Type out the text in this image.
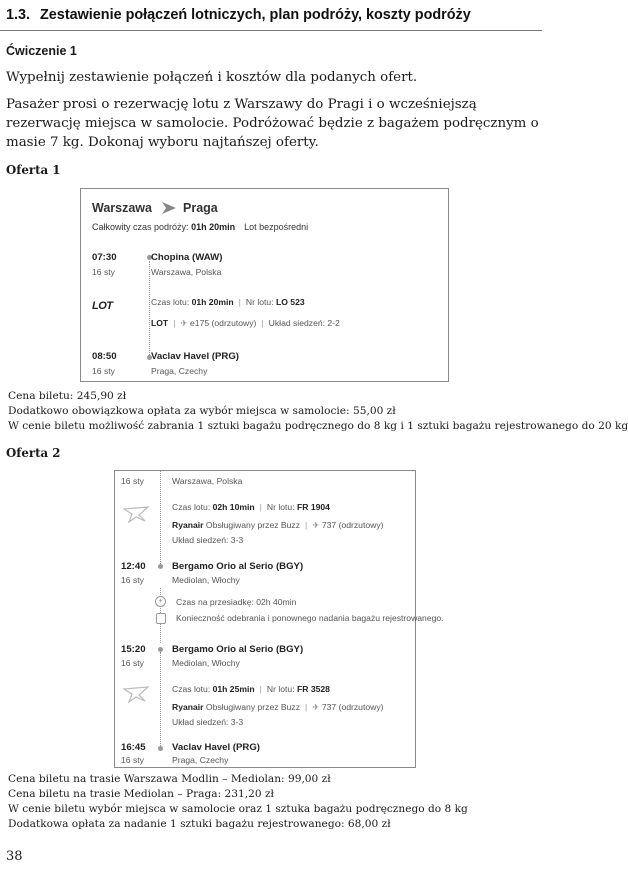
1.3. Zestawienie połączeń lotniczych, plan podróży, koszty podróży
Ćwiczenie 1
Wypełnij zestawienie połączeń i kosztów dla podanych ofert.
Pasażer prosi o rezerwację lotu z Warszawy do Pragi i o wcześniejszą rezerwację miejsca w samolocie. Podróżować będzie z bagażem podręcznym o masie 7 kg. Dokonaj wyboru najtańszej oferty.
Oferta 1
Warszawa Praga
Całkowity czas podróży: 01h 20min Lot bezpośredni
07:30
16 sty
Chopina (WAW)
Warszawa, Polska
LOT	Czas lotu: 01h 20min | Nr lotu: LO 523
LOT | ✈ e175 (odrzutowy) | Układ siedzeń: 2-2
08:50
16 sty
Vaclav Havel (PRG)
Praga, Czechy
Cena biletu: 245,90 zł
Dodatkowo obowiązkowa opłata za wybór miejsca w samolocie: 55,00 zł
W cenie biletu możliwość zabrania 1 sztuki bagażu podręcznego do 8 kg i 1 sztuki bagażu rejestrowanego do 20 kg
Oferta 2
16 sty	Warszawa, Polska
Czas lotu: 02h 10min | Nr lotu: FR 1904
Ryanair Obsługiwany przez Buzz | ✈ 737 (odrzutowy)
Układ siedzeń: 3-3
12:40
16 sty
Bergamo Orio al Serio (BGY)
Mediolan, Włochy
+	Czas na przesiadkę: 02h 40min
Konieczność odebrania i ponownego nadania bagażu rejestrowanego.
15:20
16 sty
Bergamo Orio al Serio (BGY)
Mediolan, Włochy
Czas lotu: 01h 25min | Nr lotu: FR 3528
Ryanair Obsługiwany przez Buzz | ✈ 737 (odrzutowy)
Układ siedzeń: 3-3
16:45
16 sty
Vaclav Havel (PRG)
Praga, Czechy
Cena biletu na trasie Warszawa Modlin – Mediolan: 99,00 zł
Cena biletu na trasie Mediolan – Praga: 231,20 zł
W cenie biletu wybór miejsca w samolocie oraz 1 sztuka bagażu podręcznego do 8 kg
Dodatkowa opłata za nadanie 1 sztuki bagażu rejestrowanego: 68,00 zł
38
